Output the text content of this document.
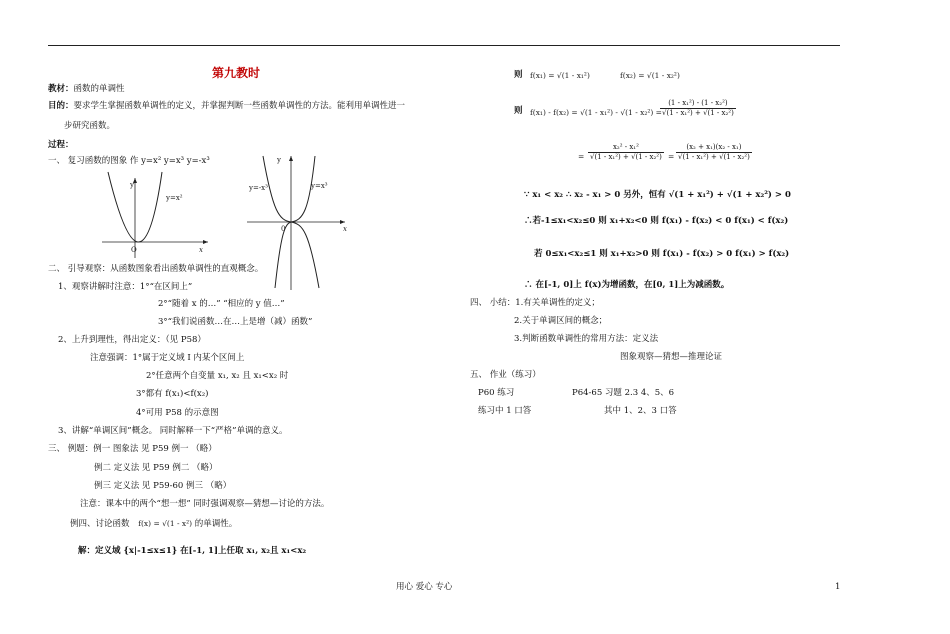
第九教时
教材：函数的单调性
目的：要求学生掌握函数单调性的定义，并掌握判断一些函数单调性的方法。能利用单调性进一
步研究函数。
过程：
一、 复习函数的图象 作 y=x² y=x³ y=-x³
y
x
O
y=x²
y
x
0
y=-x³	y=x³
二、 引导观察：从函数图象看出函数单调性的直观概念。
1、观察讲解时注意：1°“在区间上”
2°“随着 x 的…” “相应的 y 值…”
3°“我们说函数…在…上是增（减）函数”
2、上升到理性，得出定义：（见 P58）
注意强调：1°属于定义域 I 内某个区间上
2°任意两个自变量 x₁, x₂ 且 x₁<x₂ 时
3°都有 f(x₁)<f(x₂)
4°可用 P58 的示意图
3、讲解“单调区间”概念。 同时解释一下“严格”单调的意义。
三、 例题：例一 图象法 见 P59 例一 （略）
例二 定义法 见 P59 例二 （略）
例三 定义法 见 P59-60 例三 （略）
注意：课本中的两个“想一想” 同时强调观察—猜想—讨论的方法。
例四、讨论函数 f(x) = √(1 - x²) 的单调性。
解：定义域 {x|-1≤x≤1} 在[-1, 1]上任取 x₁, x₂且 x₁<x₂
则 f(x₁) = √(1 - x₁²)	f(x₂) = √(1 - x₂²)
则 f(x₁) - f(x₂) = √(1 - x₁²) - √(1 - x₂²) =
$\frac{\text{(1 - x₁²) - (1 - x₂²)}}{\text{√(1 - x₁²) + √(1 - x₂²)}}$
= $\frac{\text{x₂² - x₁²}}{\text{√(1 - x₁²) + √(1 - x₂²)}} = \frac{\text{(x₂ + x₁)(x₂ - x₁)}}{\text{√(1 - x₁²) + √(1 - x₂²)}}$
∵ x₁ < x₂ ∴ x₂ - x₁ > 0 另外，恒有 √(1 + x₁²) + √(1 + x₂²) > 0
∴若-1≤x₁<x₂≤0 则 x₁+x₂<0 则 f(x₁) - f(x₂) < 0 f(x₁) < f(x₂)
若 0≤x₁<x₂≤1 则 x₁+x₂>0 则 f(x₁) - f(x₂) > 0 f(x₁) > f(x₂)
∴ 在[-1, 0]上 f(x)为增函数，在[0, 1]上为减函数。
四、 小结：1.有关单调性的定义；
2.关于单调区间的概念；
3.判断函数单调性的常用方法：定义法
图象观察—猜想—推理论证
五、 作业（练习）
P60 练习	P64-65 习题 2.3 4、5、6
练习中 1 口答	其中 1、2、3 口答
用心 爱心 专心	1
